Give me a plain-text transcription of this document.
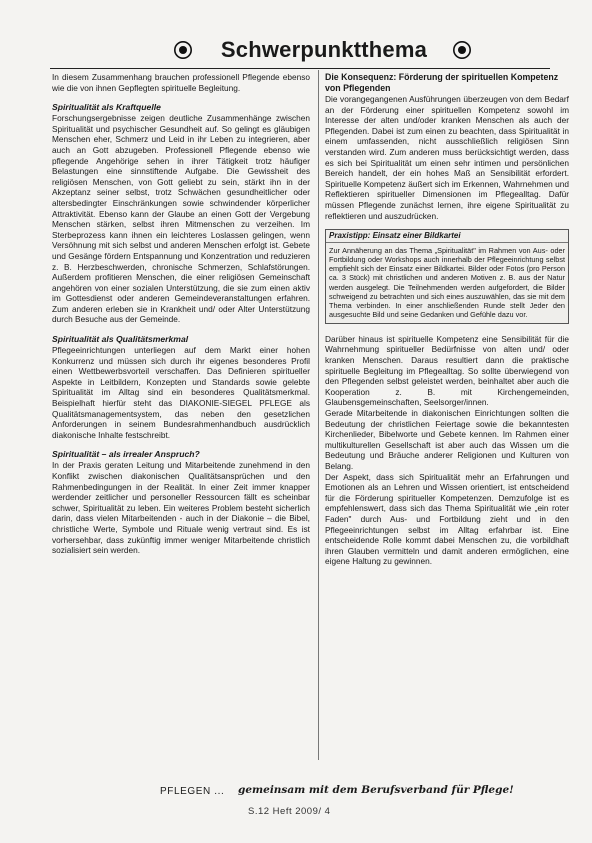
Schwerpunktthema

In diesem Zusammenhang brauchen professionell Pflegende ebenso wie die von ihnen Gepflegten spirituelle Begleitung.

Spiritualität als Kraftquelle

Forschungsergebnisse zeigen deutliche Zusammenhänge zwischen Spiritualität und psychischer Gesundheit auf. So gelingt es gläubigen Menschen eher, Schmerz und Leid in ihr Leben zu integrieren, aber auch an Gott abzugeben. Professionell Pflegende ebenso wie pflegende Angehörige sehen in ihrer Tätigkeit trotz häufiger Belastungen eine sinnstiftende Aufgabe. Die Gewissheit des religiösen Menschen, von Gott geliebt zu sein, stärkt ihn in der Akzeptanz seiner selbst, trotz Schwächen gesundheitlicher oder altersbedingter Einschränkungen sowie schwindender körperlicher Attraktivität. Ebenso kann der Glaube an einen Gott der Vergebung Menschen stärken, selbst ihren Mitmenschen zu verzeihen. Im Sterbeprozess kann ihnen ein leichteres Loslassen gelingen, wenn Versöhnung mit sich selbst und anderen Menschen erfolgt ist. Gebete und Gesänge fördern Entspannung und Konzentration und reduzieren z. B. Herzbeschwerden, chronische Schmerzen, Schlafstörungen. Außerdem profitieren Menschen, die einer religiösen Gemeinschaft angehören von einer sozialen Unterstützung, die sie zum einen aktiv im Gottesdienst oder anderen Gemeindeveranstaltungen erfahren. Zum anderen erleben sie in Krankheit und/ oder Alter Unterstützung durch Besuche aus der Gemeinde.

Spiritualität als Qualitätsmerkmal

Pflegeeinrichtungen unterliegen auf dem Markt einer hohen Konkurrenz und müssen sich durch ihr eigenes besonderes Profil einen Wettbewerbsvorteil verschaffen. Das Definieren spiritueller Aspekte in Leitbildern, Konzepten und Standards sowie gelebte Spiritualität im Alltag sind ein besonderes Qualitätsmerkmal. Beispielhaft hierfür steht das DIAKONIE-SIEGEL PFLEGE als Qualitätsmanagementsystem, das neben den gesetzlichen Anforderungen in seinem Bundesrahmenhandbuch ausdrücklich diakonische Inhalte festschreibt.

Spiritualität – als irrealer Anspruch?

In der Praxis geraten Leitung und Mitarbeitende zunehmend in den Konflikt zwischen diakonischen Qualitätsansprüchen und den Rahmenbedingungen in der Realität. In einer Zeit immer knapper werdender zeitlicher und personeller Ressourcen fällt es scheinbar schwer, Spiritualität zu leben. Ein weiteres Problem besteht sicherlich darin, dass vielen Mitarbeitenden - auch in der Diakonie – die Bibel, christliche Werte, Symbole und Rituale wenig vertraut sind. Es ist vorhersehbar, dass zukünftig immer weniger Mitarbeitende christlich sozialisiert sein werden.

Die Konsequenz: Förderung der spirituellen Kompetenz von Pflegenden

Die vorangegangenen Ausführungen überzeugen von dem Bedarf an der Förderung einer spirituellen Kompetenz sowohl im Interesse der alten und/oder kranken Menschen als auch der Pflegenden. Dabei ist zum einen zu beachten, dass Spiritualität in einem umfassenden, nicht ausschließlich religiösen Sinn verstanden wird. Zum anderen muss berücksichtigt werden, dass es sich bei Spiritualität um einen sehr intimen und persönlichen Bereich handelt, der ein hohes Maß an Sensibilität erfordert. Spirituelle Kompetenz äußert sich im Erkennen, Wahrnehmen und Reflektieren spiritueller Dimensionen im Pflegealltag. Dafür müssen Pflegende zunächst lernen, ihre eigene Spiritualität zu reflektieren und auszudrücken.

Praxistipp: Einsatz einer Bildkartei

Zur Annäherung an das Thema „Spiritualität" im Rahmen von Aus- oder Fortbildung oder Workshops auch innerhalb der Pflegeeinrichtung selbst empfiehlt sich der Einsatz einer Bildkartei. Bilder oder Fotos (pro Person ca. 3 Stück) mit christlichen und anderen Motiven z. B. aus der Natur werden ausgelegt. Die Teilnehmenden werden aufgefordert, die Bilder schweigend zu betrachten und sich eines auszuwählen, das sie mit dem Thema verbinden. In einer anschließenden Runde stellt Jeder den ausgesuchte Bild und seine Gedanken und Gefühle dazu vor.

Darüber hinaus ist spirituelle Kompetenz eine Sensibilität für die Wahrnehmung spiritueller Bedürfnisse von alten und/ oder kranken Menschen. Daraus resultiert dann die praktische spirituelle Begleitung im Pflegealltag. So sollte überwiegend von den Pflegenden selbst geleistet werden, beinhaltet aber auch die Kooperation z. B. mit Kirchengemeinden, Glaubensgemeinschaften, Seelsorger/innen.

Gerade Mitarbeitende in diakonischen Einrichtungen sollten die Bedeutung der christlichen Feiertage sowie die bekanntesten Kirchenlieder, Bibelworte und Gebete kennen. Im Rahmen einer multikulturellen Gesellschaft ist aber auch das Wissen um die Bedeutung und Bräuche anderer Religionen und Kulturen von Belang.

Der Aspekt, dass sich Spiritualität mehr an Erfahrungen und Emotionen als an Lehren und Wissen orientiert, ist entscheidend für die Förderung spiritueller Kompetenzen. Demzufolge ist es empfehlenswert, dass sich das Thema Spiritualität wie „ein roter Faden" durch Aus- und Fortbildung zieht und in den Pflegeeinrichtungen selbst im Alltag erfahrbar ist. Eine entscheidende Rolle kommt dabei Menschen zu, die vorbildhaft ihren Glauben vermitteln und damit anderen ermöglichen, eine eigene Haltung zu gewinnen.

PFLEGEN ... gemeinsam mit dem Berufsverband für Pflege!
S.12 Heft 2009/ 4
